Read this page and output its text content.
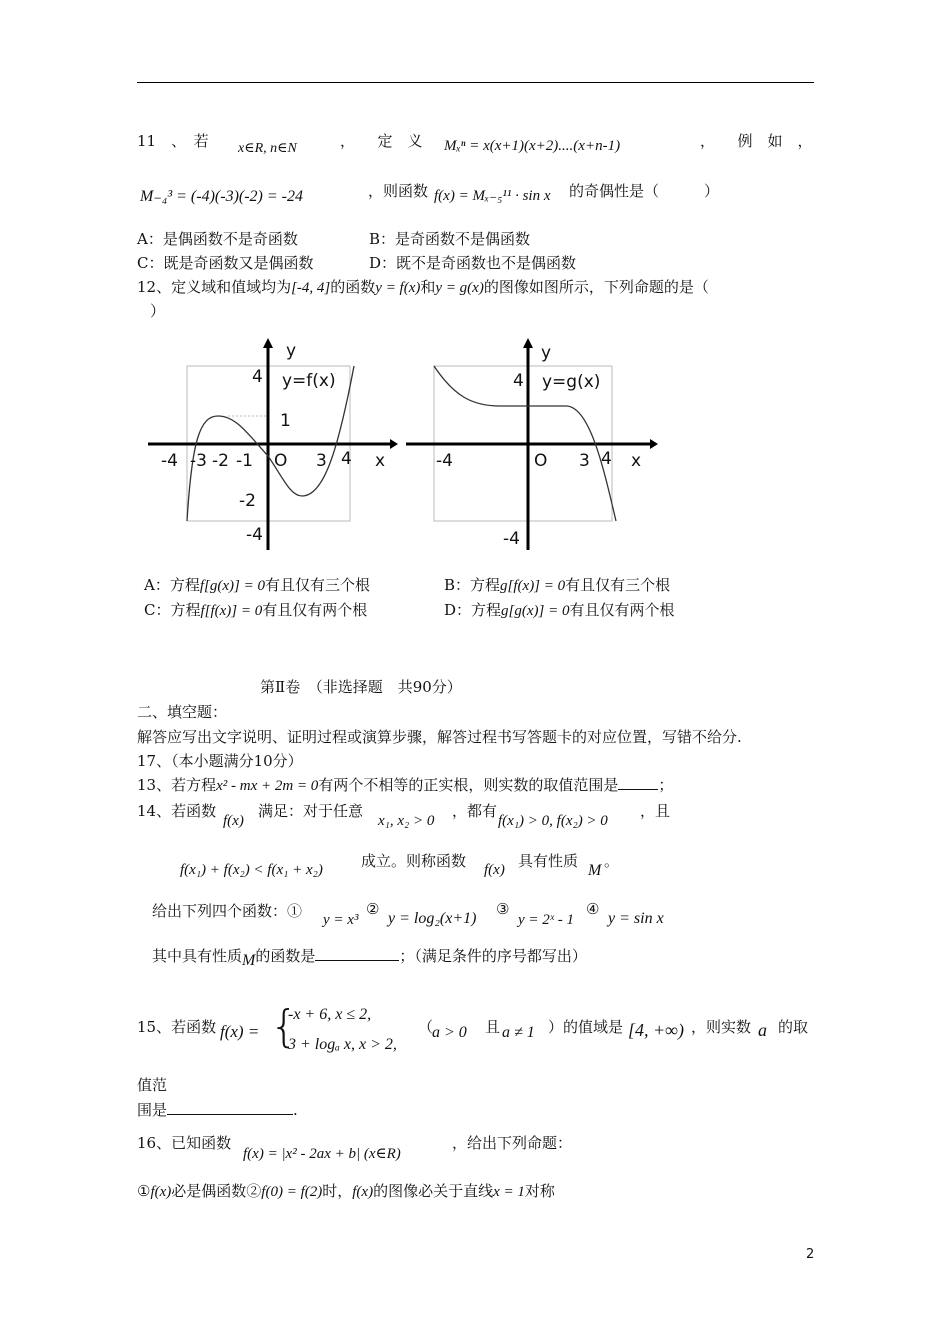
11　、　若 x∈R, n∈N	，　　定　义 Mₓⁿ = x(x+1)(x+2)....(x+n-1)	，　　例　如　，
M₋₄³ = (-4)(-3)(-2) = -24	，则函数 f(x) = Mₓ₋₅¹¹ · sin x 的奇偶性是（　　　）
A：是偶函数不是奇函数	B：是奇函数不是偶函数
C：既是奇函数又是偶函数	D：既不是奇函数也不是偶函数
12、定义域和值域均为[-4, 4]的函数y = f(x)和y = g(x)的图像如图所示，下列命题的是（
）
y
y=f(x)
4
1
-2
-4
-4 -3 -2 -1 O 3 4 x
y
y=g(x)
4
-4
-4	O 3 4 x
A：方程f[g(x)] = 0有且仅有三个根	B：方程g[f(x)] = 0有且仅有三个根
C：方程f[f(x)] = 0有且仅有两个根	D：方程g[g(x)] = 0有且仅有两个根
第Ⅱ卷　（非选择题　共90分）
二、填空题：
解答应写出文字说明、证明过程或演算步骤，解答过程书写答题卡的对应位置，写错不给分.
17、（本小题满分10分）
13、若方程x² - mx + 2m = 0有两个不相等的正实根，则实数的取值范围是	；
14、若函数
f(x)
满足：对于任意
x₁, x₂ > 0
，都有
f(x₁) > 0, f(x₂) > 0
，且
f(x₁) + f(x₂) < f(x₁ + x₂)	成立。则称函数 f(x) 具有性质
M
。
给出下列四个函数：① y = x³
②
y = log₂(x+1)
③
y = 2ˣ - 1
④
y = sin x
其中具有性质M的函数是	；（满足条件的序号都写出）
15、若函数 f(x) = {
-x + 6, x ≤ 2,
3 + logₐ x, x > 2,
（
a > 0 且 a ≠ 1 ）的值域是 [4, +∞) ，则实数 a 的取
值范
围是	.
16、已知函数
f(x) = |x² - 2ax + b| (x∈R)
，给出下列命题：
①f(x)必是偶函数②f(0) = f(2)时，f(x)的图像必关于直线x = 1对称
2
